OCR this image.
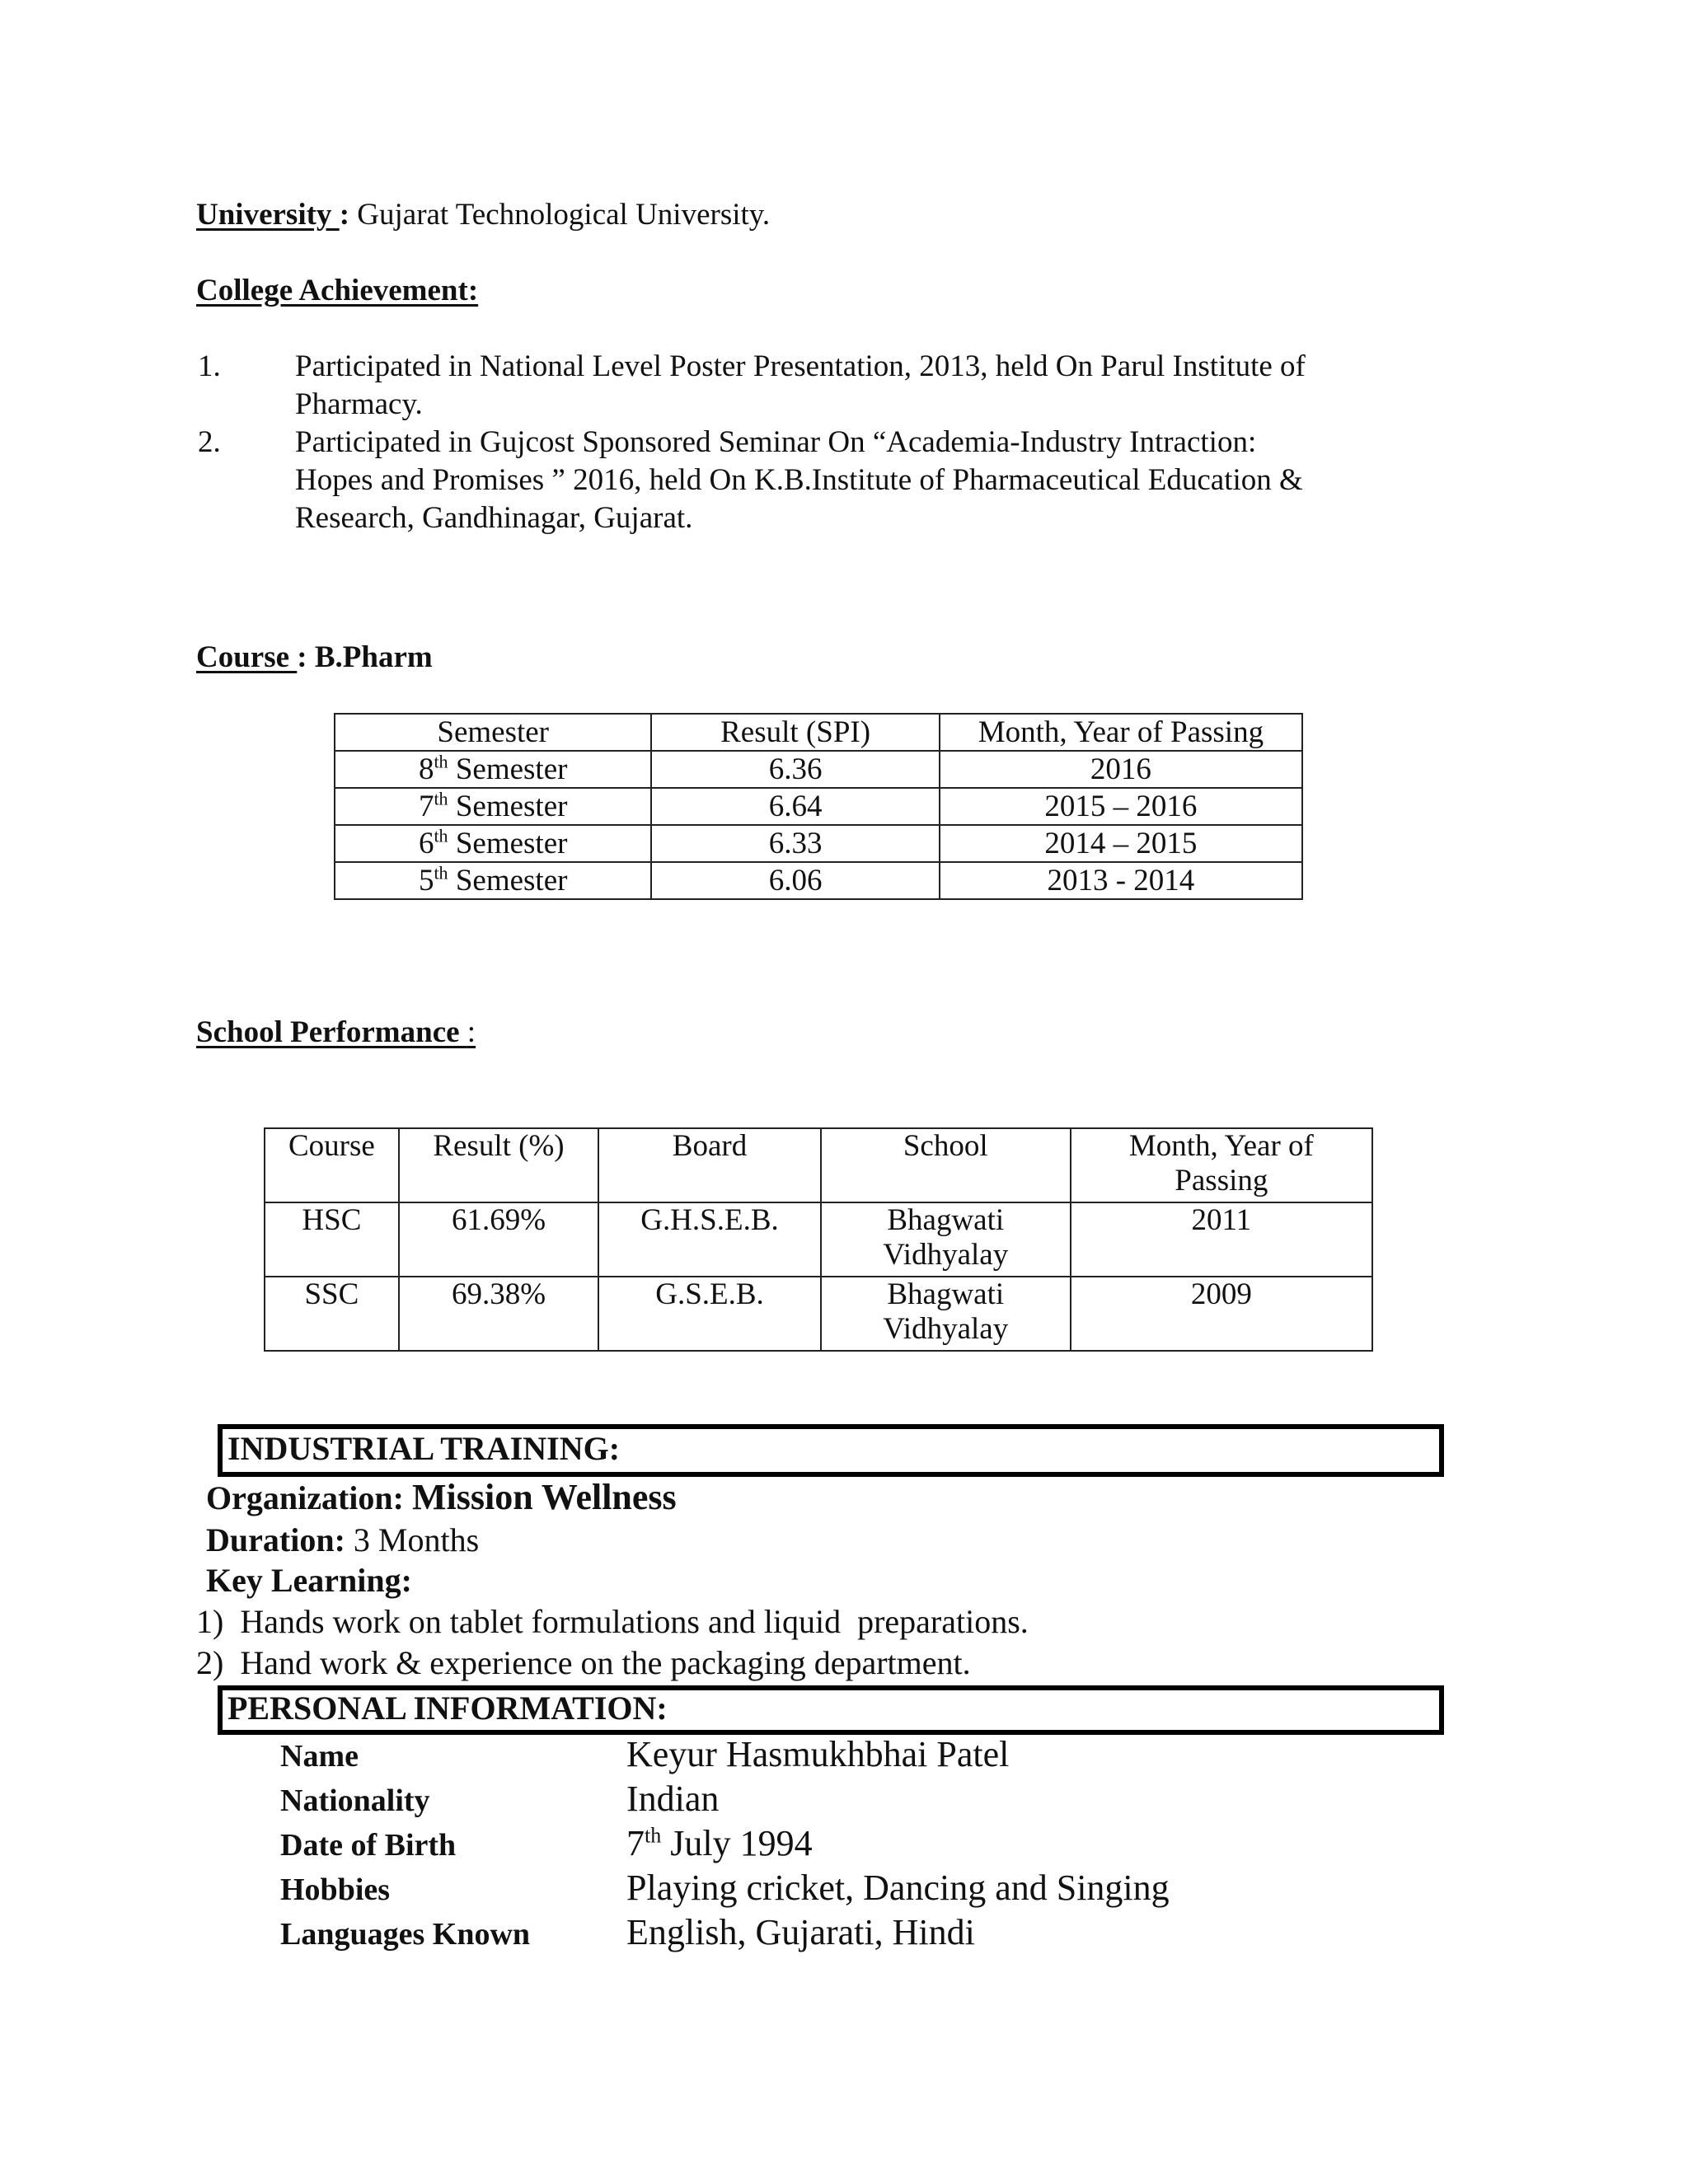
University : Gujarat Technological University.
College Achievement:
1. Participated in National Level Poster Presentation, 2013, held On Parul Institute of
Pharmacy.
2. Participated in Gujcost Sponsored Seminar On “Academia-Industry Intraction:
Hopes and Promises ” 2016, held On K.B.Institute of Pharmaceutical Education &
Research, Gandhinagar, Gujarat.
Course : B.Pharm
Semester	Result (SPI)	Month, Year of Passing
8th Semester	6.36	2016
7th Semester	6.64	2015 – 2016
6th Semester	6.33	2014 – 2015
5th Semester	6.06	2013 - 2014
School Performance :
Course	Result (%)	Board	School	Month, Year of Passing
HSC	61.69%	G.H.S.E.B.	Bhagwati Vidhyalay	2011
SSC	69.38%	G.S.E.B.	Bhagwati Vidhyalay	2009
INDUSTRIAL TRAINING:
Organization: Mission Wellness
Duration: 3 Months
Key Learning:
1)  Hands work on tablet formulations and liquid  preparations.
2)  Hand work & experience on the packaging department.
PERSONAL INFORMATION:
Name	Keyur Hasmukhbhai Patel
Nationality	Indian
Date of Birth	7th July 1994
Hobbies	Playing cricket, Dancing and Singing
Languages Known	English, Gujarati, Hindi
